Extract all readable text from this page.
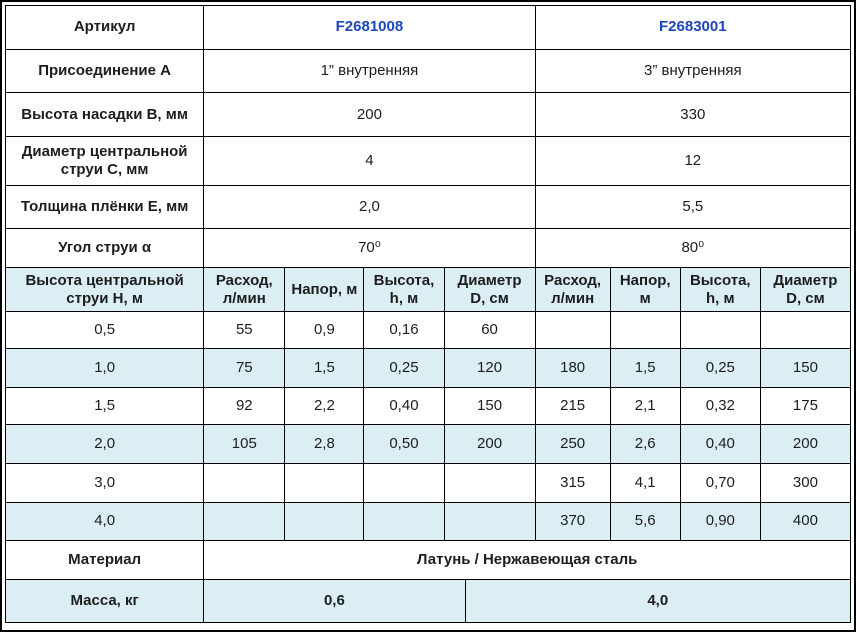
Артикул	F2681008					F2683001			
Присоединение А	1” внутренняя					3” внутренняя			
Высота насадки В, мм	200					330			
Диаметр центральной струи С, мм	4					12			
Толщина плёнки Е, мм	2,0					5,5			
Угол струи α	70⁰					80⁰			
Высота центральной струи Н, м	Расход, л/мин	Напор, м	Высота, h, м	Диаметр D, см		Расход, л/мин	Напор, м	Высота, h, м	Диаметр D, см
0,5	55	0,9	0,16	60					
1,0	75	1,5	0,25	120		180	1,5	0,25	150
1,5	92	2,2	0,40	150		215	2,1	0,32	175
2,0	105	2,8	0,50	200		250	2,6	0,40	200
3,0						315	4,1	0,70	300
4,0						370	5,6	0,90	400
Материал	Латунь / Нержавеющая сталь								
Масса, кг	0,6				4,0				
